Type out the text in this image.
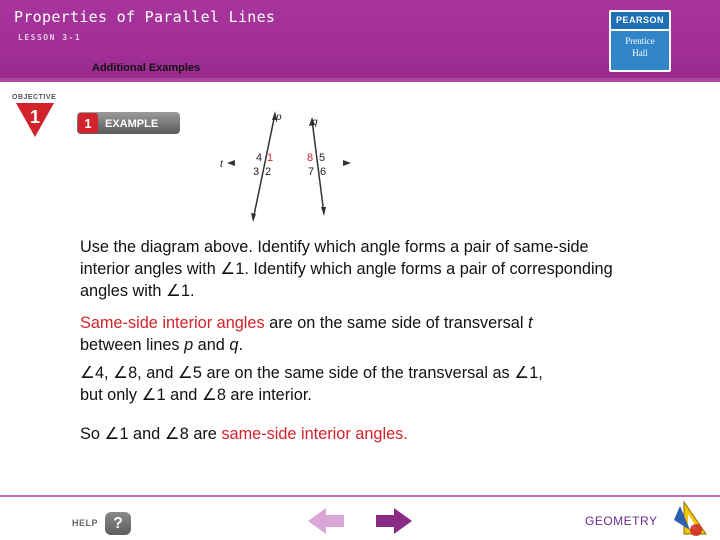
Properties of Parallel Lines
LESSON 3-1
Additional Examples
PEARSON
Prentice
Hall
OBJECTIVE
1	1 EXAMPLE
p	q
t
4 1
3 2
8 5
7 6
Use the diagram above. Identify which angle forms a pair of same-side
interior angles with ∠1. Identify which angle forms a pair of corresponding
angles with ∠1.
Same-side interior angles are on the same side of transversal t
between lines p and q.
∠4, ∠8, and ∠5 are on the same side of the transversal as ∠1,
but only ∠1 and ∠8 are interior.
So ∠1 and ∠8 are same-side interior angles.
HELP ?	GEOMETRY
